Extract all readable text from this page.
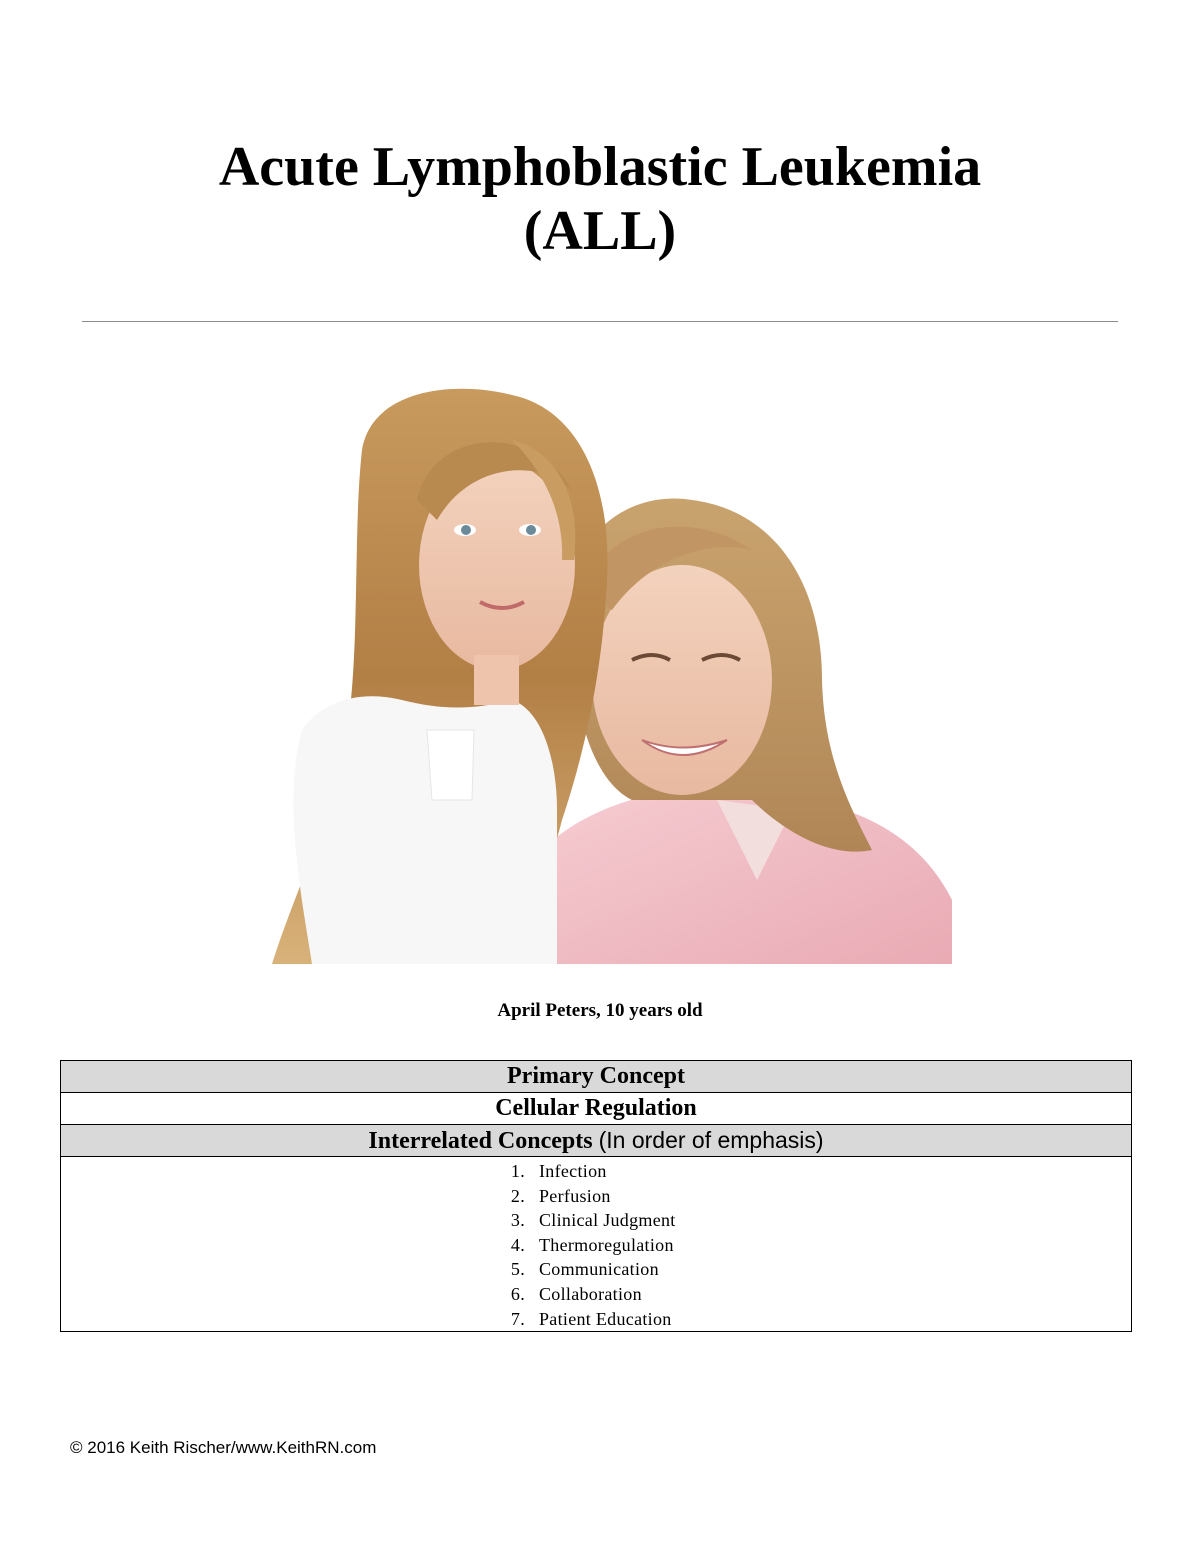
Acute Lymphoblastic Leukemia
(ALL)
April Peters, 10 years old
Primary Concept
Cellular Regulation
Interrelated Concepts (In order of emphasis)

1. Infection
2. Perfusion
3. Clinical Judgment
4. Thermoregulation
5. Communication
6. Collaboration
7. Patient Education
© 2016 Keith Rischer/www.KeithRN.com
